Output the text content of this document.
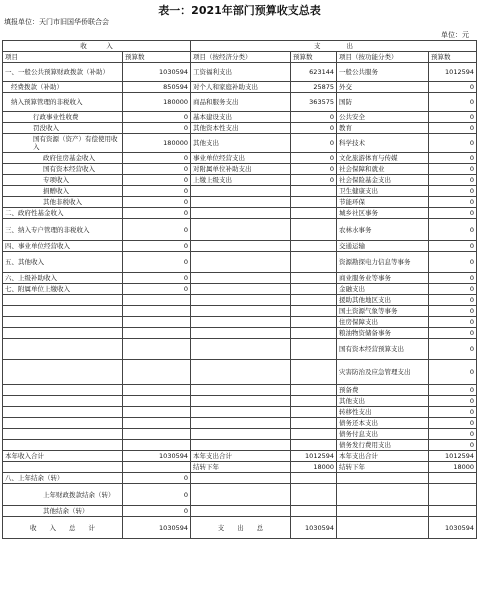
表一：2021年部门预算收支总表
填报单位：天门市旧国华侨联合会
单位：元
收　　　入		支　　　　出			
项目	预算数	项目（按经济分类）	预算数	项目（按功能分类）	预算数
一、一般公共预算财政拨款（补助）	1030594	工资福利支出	623144	一般公共服务	1012594
经费拨款（补助）	850594	对个人和家庭补助支出	25875	外交	0
纳入预算管理的非税收入	180000	商品和服务支出	363575	国防	0
行政事业性收费	0	基本建设支出	0	公共安全	0
罚没收入	0	其他资本性支出	0	教育	0
国有资源（资产）有偿使用收入	180000	其他支出	0	科学技术	0
政府住房基金收入	0	事业单位经营支出	0	文化旅游体育与传媒	0
国有资本经营收入	0	对附属单位补助支出	0	社会保障和就业	0
专项收入	0	上缴上级支出	0	社会保险基金支出	0
捐赠收入	0			卫生健康支出	0
其他非税收入	0			节能环保	0
二、政府性基金收入	0			城乡社区事务	0
三、纳入专户管理的非税收入	0			农林水事务	0
四、事业单位经营收入	0			交通运输	0
五、其他收入	0			资源勘探电力信息等事务	0
六、上级补助收入	0			商业服务业等事务	0
七、附属单位上缴收入	0			金融支出	0
				援助其他地区支出	0
				国土资源气象等事务	0
				住房保障支出	0
				粮油物资储备事务	0
				国有资本经营预算支出	0
				灾害防治及应急管理支出	0
				预备费	0
				其他支出	0
				转移性支出	0
				债务还本支出	0
				债务付息支出	0
				债务发行费用支出	0
本年收入合计	1030594	本年支出合计	1012594	本年支出合计	1012594
		结转下年	18000	结转下年	18000
八、上年结余（转）	0				
上年财政拨款结余（转）	0				
其他结余（转）	0				
收　　入　　总　　计	1030594	支　　出　　总	1030594		1030594
